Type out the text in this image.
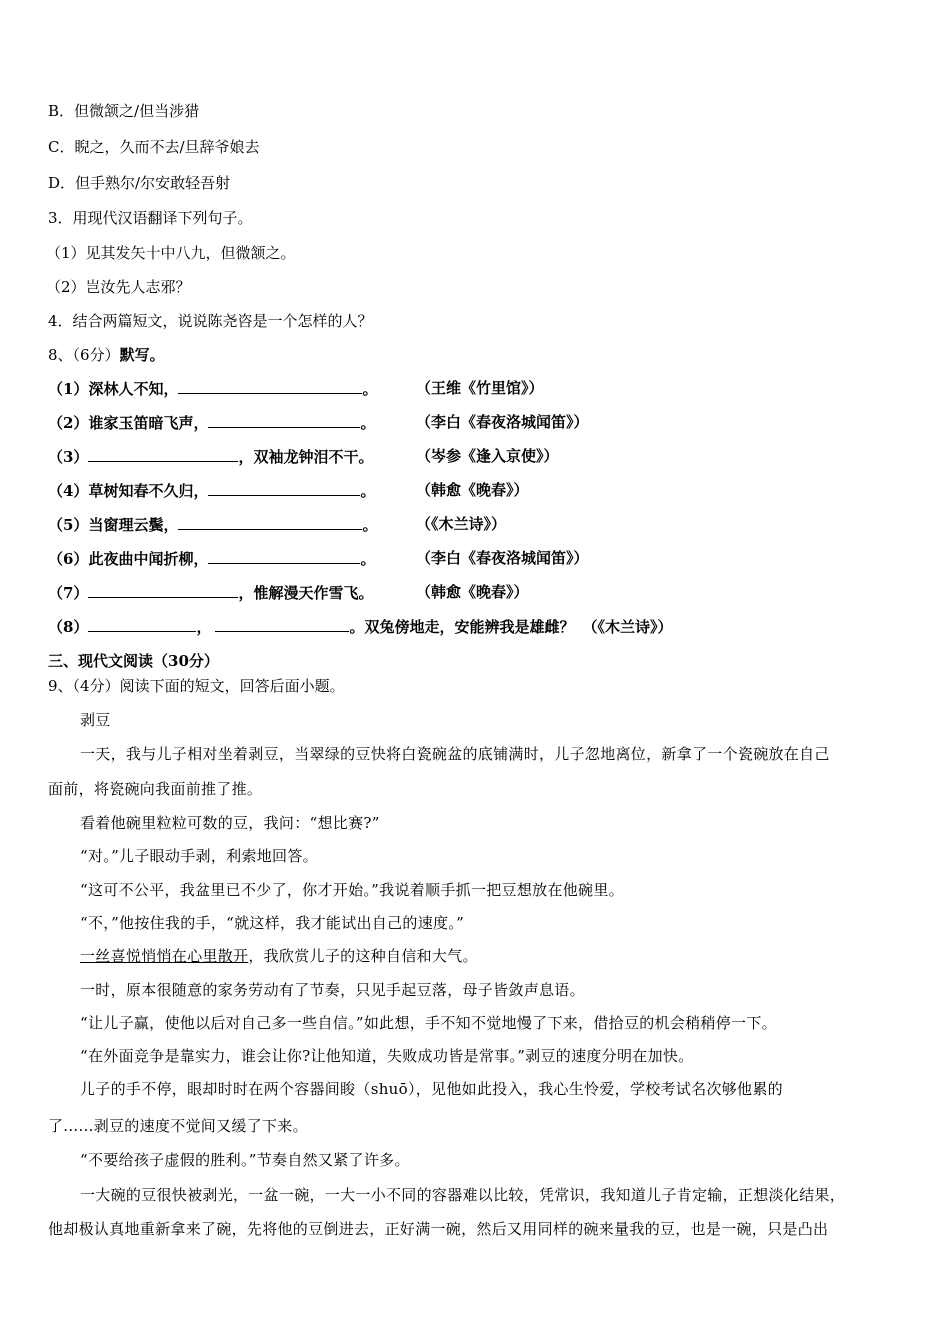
B．但微颔之/但当涉猎
C．睨之，久而不去/旦辞爷娘去
D．但手熟尔/尔安敢轻吾射
3．用现代汉语翻译下列句子。
（1）见其发矢十中八九，但微颔之。
（2）岂汝先人志邪？
4．结合两篇短文，说说陈尧咨是一个怎样的人？
8、（6分）默写。
（1）深林人不知，	。	（王维《竹里馆》）
（2）谁家玉笛暗飞声，	。	（李白《春夜洛城闻笛》）
（3）	，双袖龙钟泪不干。	（岑参《逢入京使》）
（4）草树知春不久归，	。	（韩愈《晚春》）
（5）当窗理云鬓，	。	（《木兰诗》）
（6）此夜曲中闻折柳，	。	（李白《春夜洛城闻笛》）
（7）	，惟解漫天作雪飞。	（韩愈《晚春》）
（8）	，	。双兔傍地走，安能辨我是雄雌？ （《木兰诗》）
三、现代文阅读（30分）
9、（4分）阅读下面的短文，回答后面小题。
剥豆
一天，我与儿子相对坐着剥豆，当翠绿的豆快将白瓷碗盆的底铺满时，儿子忽地离位，新拿了一个瓷碗放在自己
面前，将瓷碗向我面前推了推。
看着他碗里粒粒可数的豆，我问：“想比赛?”
“对。”儿子眼动手剥，利索地回答。
“这可不公平，我盆里已不少了，你才开始。”我说着顺手抓一把豆想放在他碗里。
“不，”他按住我的手，“就这样，我才能试出自己的速度。”
一丝喜悦悄悄在心里散开，我欣赏儿子的这种自信和大气。
一时，原本很随意的家务劳动有了节奏，只见手起豆落，母子皆敛声息语。
“让儿子赢，使他以后对自己多一些自信。”如此想，手不知不觉地慢了下来，借拾豆的机会稍稍停一下。
“在外面竞争是靠实力，谁会让你?让他知道，失败成功皆是常事。”剥豆的速度分明在加快。
儿子的手不停，眼却时时在两个容器间睃（shuō），见他如此投入，我心生怜爱，学校考试名次够他累的
了......剥豆的速度不觉间又缓了下来。
“不要给孩子虚假的胜利。”节奏自然又紧了许多。
一大碗的豆很快被剥光，一盆一碗，一大一小不同的容器难以比较，凭常识，我知道儿子肯定输，正想淡化结果，
他却极认真地重新拿来了碗，先将他的豆倒进去，正好满一碗，然后又用同样的碗来量我的豆，也是一碗，只是凸出
